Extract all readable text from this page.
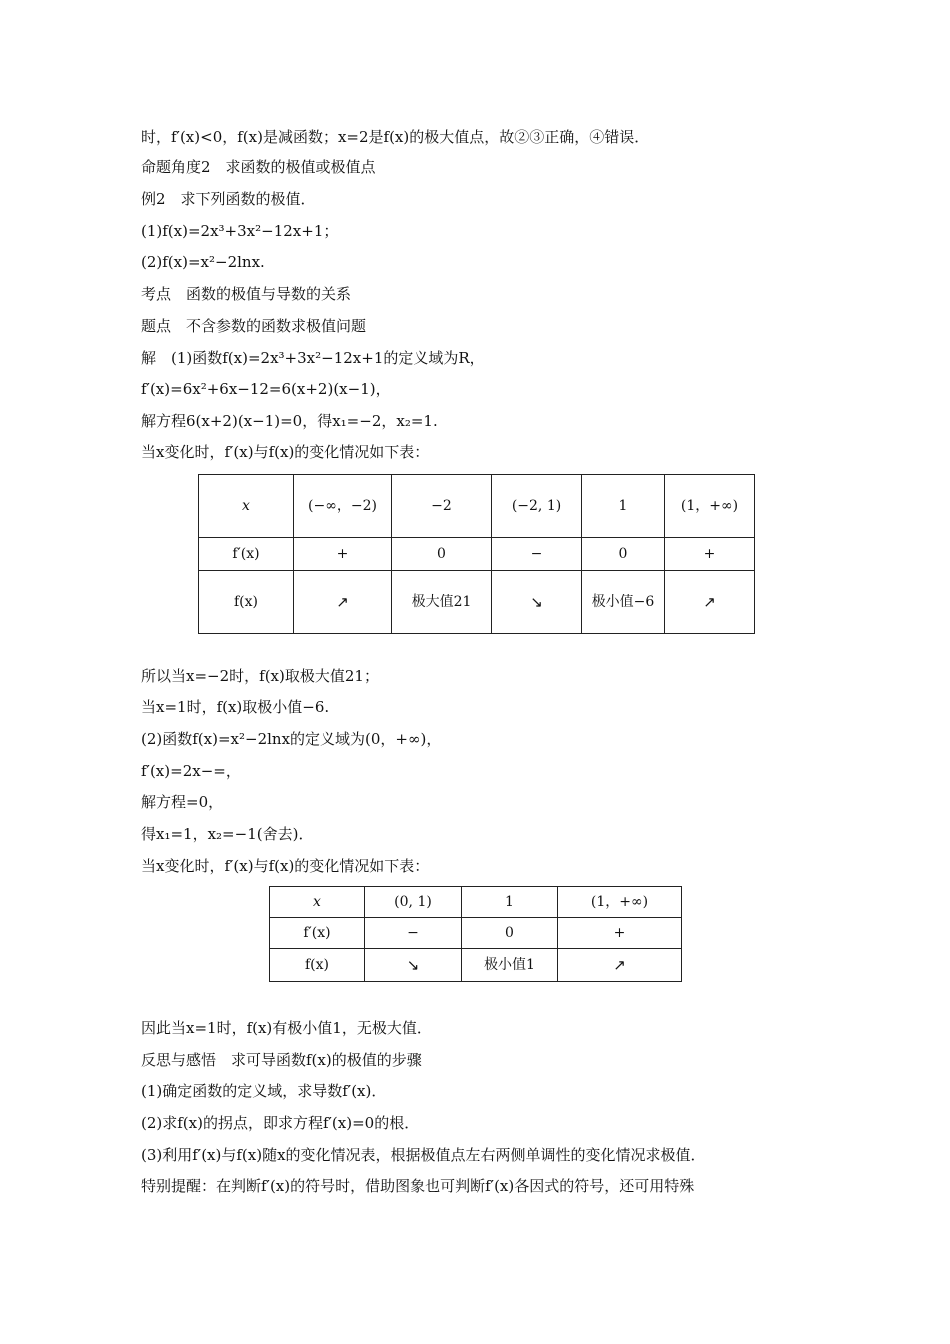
时，f′(x)<0，f(x)是减函数；x=2是f(x)的极大值点，故②③正确，④错误．
命题角度2　求函数的极值或极值点
例2　求下列函数的极值．
(1)f(x)=2x³+3x²−12x+1；
(2)f(x)=x²−2lnx.
考点　函数的极值与导数的关系
题点　不含参数的函数求极值问题
解　(1)函数f(x)=2x³+3x²−12x+1的定义域为R，
f′(x)=6x²+6x−12=6(x+2)(x−1)，
解方程6(x+2)(x−1)=0，得x₁=−2，x₂=1.
当x变化时，f′(x)与f(x)的变化情况如下表：
x	(−∞，−2)	−2	(−2, 1)	1	(1，+∞)
f′(x)	+	0	−	0	+
f(x)	↗	极大值21	↘	极小值−6	↗
所以当x=−2时，f(x)取极大值21；
当x=1时，f(x)取极小值−6.
(2)函数f(x)=x²−2lnx的定义域为(0，+∞)，
f′(x)=2x−=，
解方程=0，
得x₁=1，x₂=−1(舍去)．
当x变化时，f′(x)与f(x)的变化情况如下表：
x	(0, 1)	1	(1，+∞)
f′(x)	−	0	+
f(x)	↘	极小值1	↗
因此当x=1时，f(x)有极小值1，无极大值．
反思与感悟　求可导函数f(x)的极值的步骤
(1)确定函数的定义域，求导数f′(x)．
(2)求f(x)的拐点，即求方程f′(x)=0的根．
(3)利用f′(x)与f(x)随x的变化情况表，根据极值点左右两侧单调性的变化情况求极值．
特别提醒：在判断f′(x)的符号时，借助图象也可判断f′(x)各因式的符号，还可用特殊
